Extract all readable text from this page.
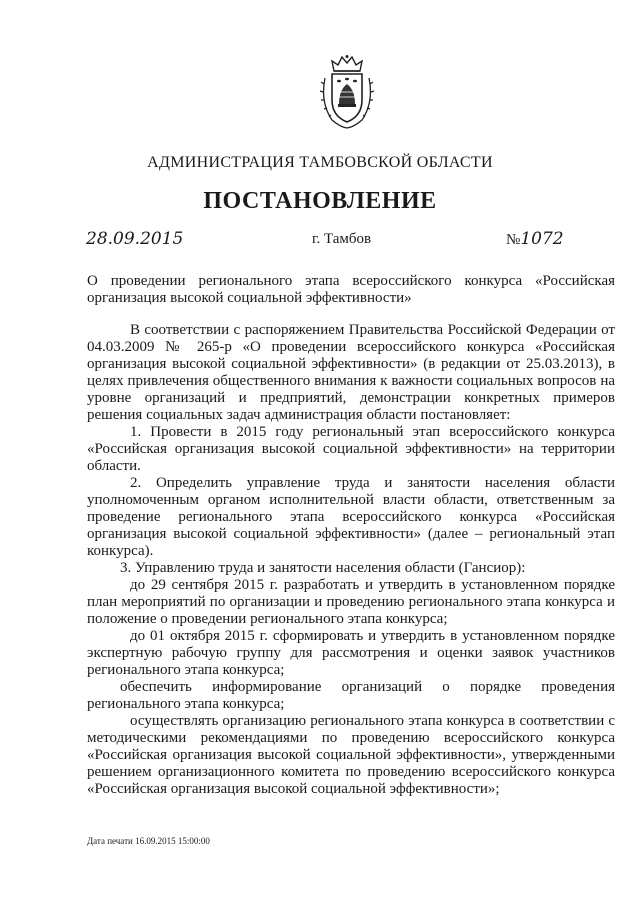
АДМИНИСТРАЦИЯ ТАМБОВСКОЙ ОБЛАСТИ
ПОСТАНОВЛЕНИЕ
28.09.2015	г. Тамбов	№1072
О проведении регионального этапа всероссийского конкурса «Российская организация высокой социальной эффективности»

В соответствии с распоряжением Правительства Российской Федерации от 04.03.2009 № 265-р «О проведении всероссийского конкурса «Российская организация высокой социальной эффективности» (в редакции от 25.03.2013), в целях привлечения общественного внимания к важности социальных вопросов на уровне организаций и предприятий, демонстрации конкретных примеров решения социальных задач администрация области постановляет:

1. Провести в 2015 году региональный этап всероссийского конкурса «Российская организация высокой социальной эффективности» на территории области.

2. Определить управление труда и занятости населения области уполномоченным органом исполнительной власти области, ответственным за проведение регионального этапа всероссийского конкурса «Российская организация высокой социальной эффективности» (далее – региональный этап конкурса).

3. Управлению труда и занятости населения области (Гансиор):

до 29 сентября 2015 г. разработать и утвердить в установленном порядке план мероприятий по организации и проведению регионального этапа конкурса и положение о проведении регионального этапа конкурса;

до 01 октября 2015 г. сформировать и утвердить в установленном порядке экспертную рабочую группу для рассмотрения и оценки заявок участников регионального этапа конкурса;

обеспечить информирование организаций о порядке проведения регионального этапа конкурса;

осуществлять организацию регионального этапа конкурса в соответствии с методическими рекомендациями по проведению всероссийского конкурса «Российская организация высокой социальной эффективности», утвержденными решением организационного комитета по проведению всероссийского конкурса «Российская организация высокой социальной эффективности»;

Дата печати 16.09.2015 15:00:00
